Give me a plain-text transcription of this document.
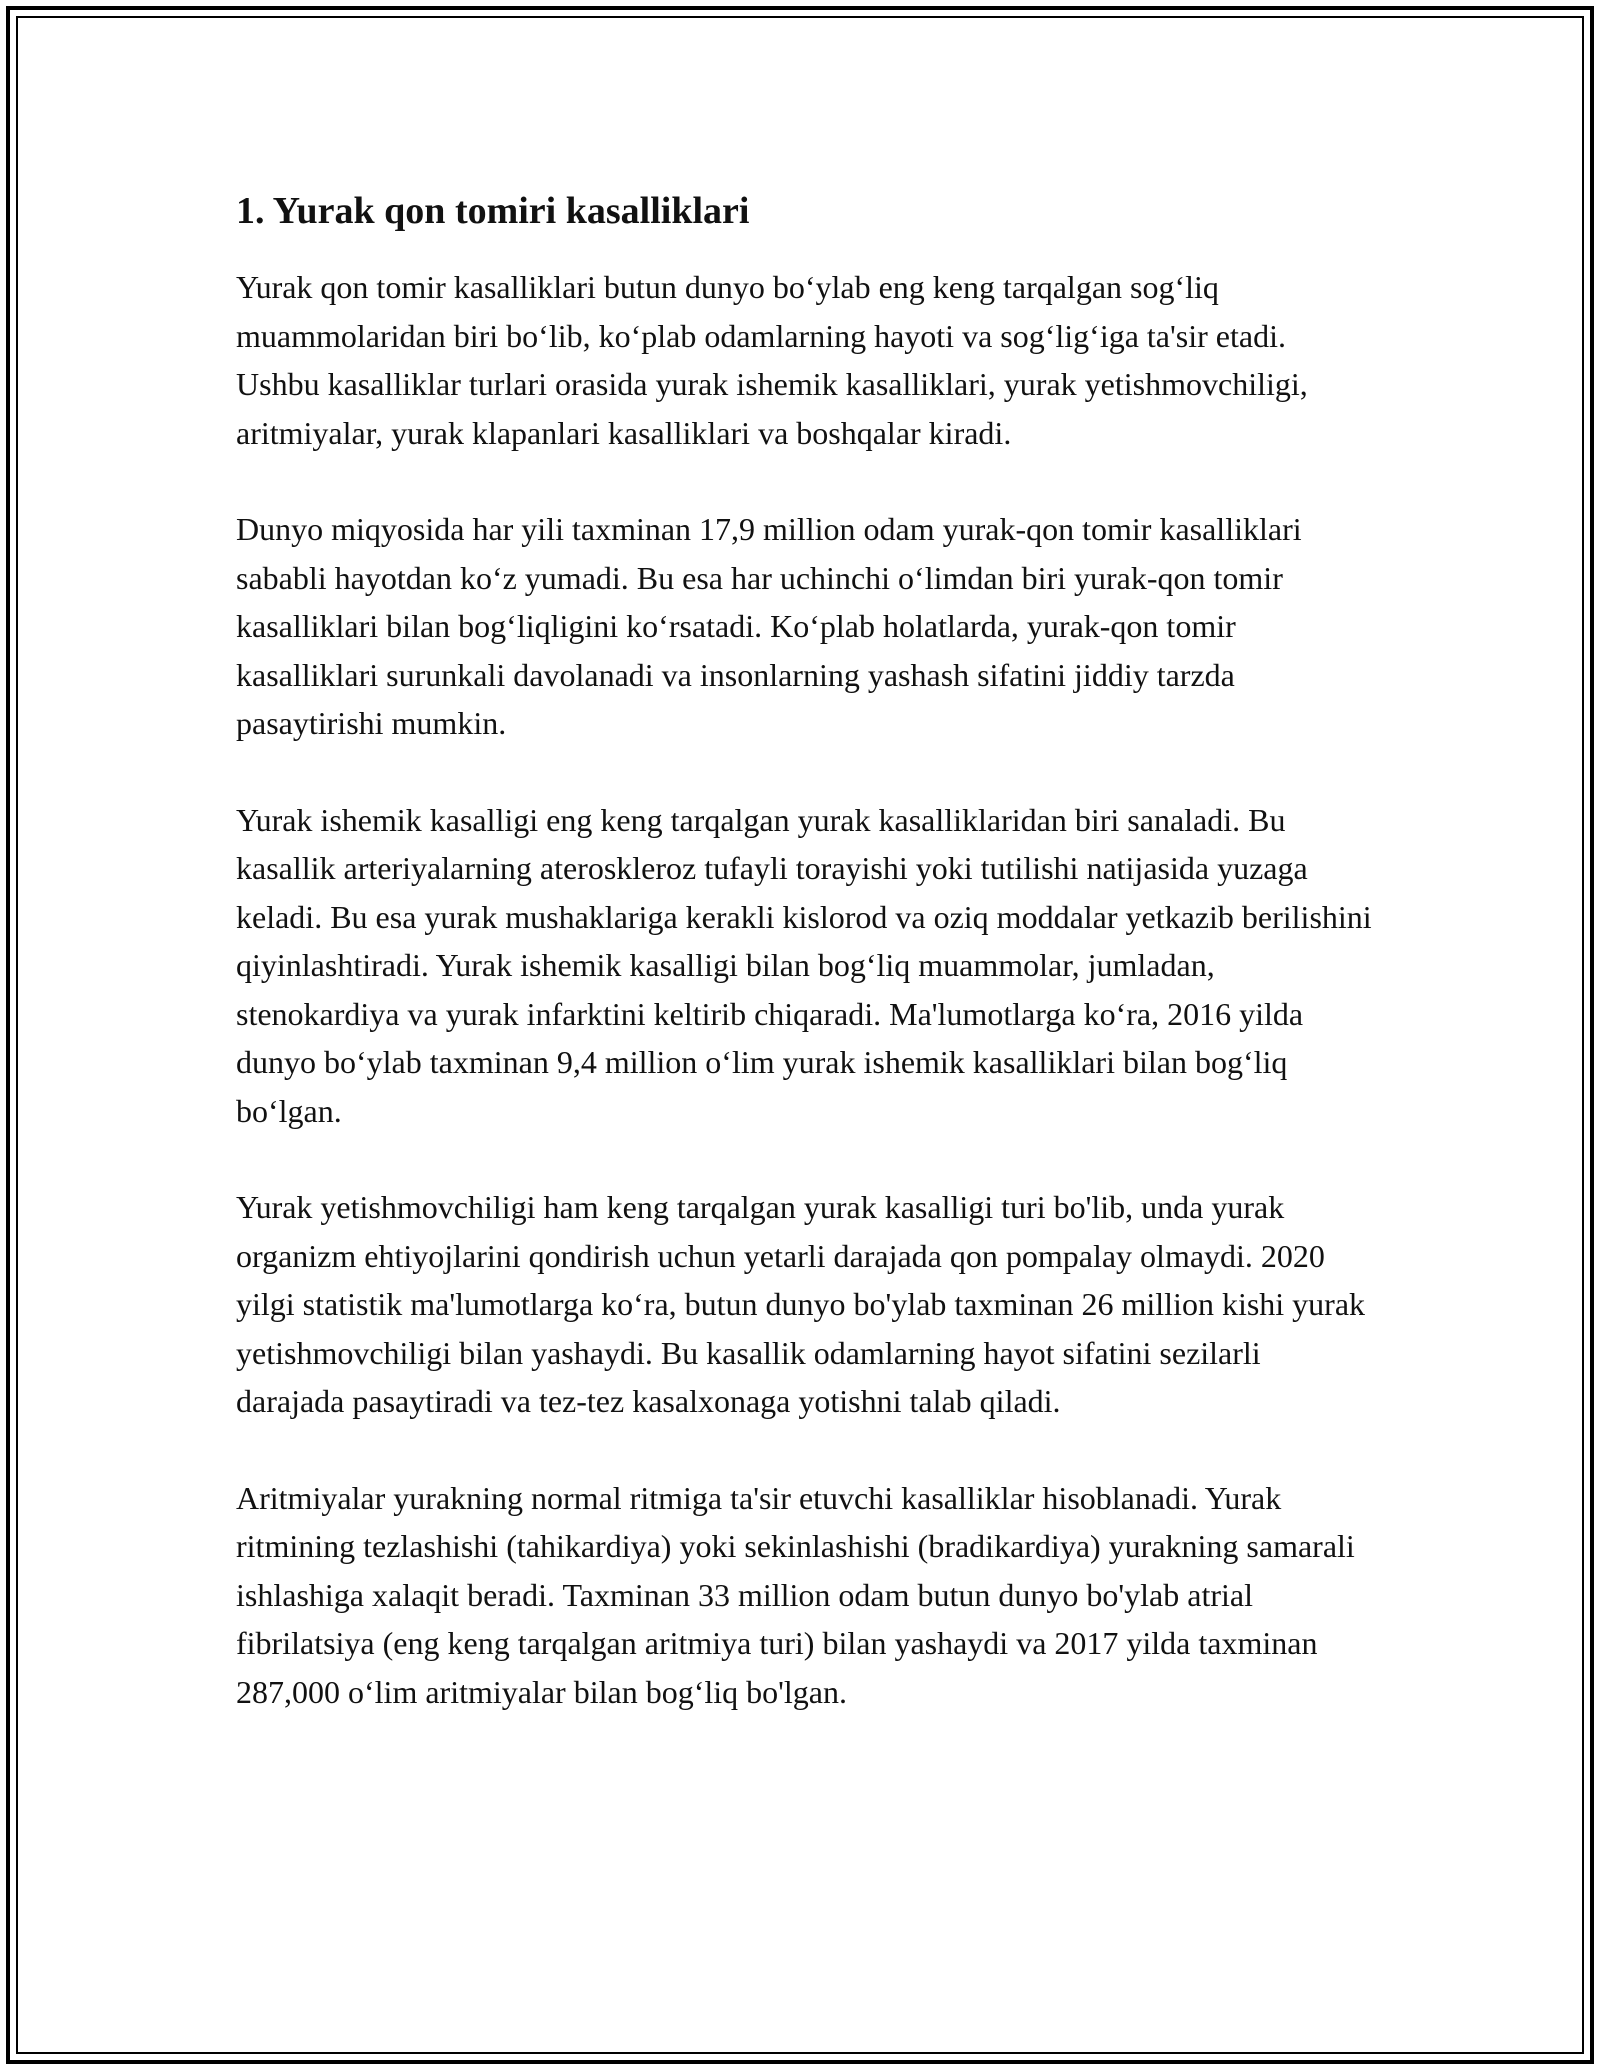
1. Yurak qon tomiri kasalliklari

Yurak qon tomir kasalliklari butun dunyo bo‘ylab eng keng tarqalgan sog‘liq muammolaridan biri bo‘lib, ko‘plab odamlarning hayoti va sog‘lig‘iga ta'sir etadi. Ushbu kasalliklar turlari orasida yurak ishemik kasalliklari, yurak yetishmovchiligi, aritmiyalar, yurak klapanlari kasalliklari va boshqalar kiradi.

Dunyo miqyosida har yili taxminan 17,9 million odam yurak-qon tomir kasalliklari sababli hayotdan ko‘z yumadi. Bu esa har uchinchi o‘limdan biri yurak-qon tomir kasalliklari bilan bog‘liqligini ko‘rsatadi. Ko‘plab holatlarda, yurak-qon tomir kasalliklari surunkali davolanadi va insonlarning yashash sifatini jiddiy tarzda pasaytirishi mumkin.

Yurak ishemik kasalligi eng keng tarqalgan yurak kasalliklaridan biri sanaladi. Bu kasallik arteriyalarning ateroskleroz tufayli torayishi yoki tutilishi natijasida yuzaga keladi. Bu esa yurak mushaklariga kerakli kislorod va oziq moddalar yetkazib berilishini qiyinlashtiradi. Yurak ishemik kasalligi bilan bog‘liq muammolar, jumladan, stenokardiya va yurak infarktini keltirib chiqaradi. Ma'lumotlarga ko‘ra, 2016 yilda dunyo bo‘ylab taxminan 9,4 million o‘lim yurak ishemik kasalliklari bilan bog‘liq bo‘lgan.

Yurak yetishmovchiligi ham keng tarqalgan yurak kasalligi turi bo'lib, unda yurak organizm ehtiyojlarini qondirish uchun yetarli darajada qon pompalay olmaydi. 2020 yilgi statistik ma'lumotlarga ko‘ra, butun dunyo bo'ylab taxminan 26 million kishi yurak yetishmovchiligi bilan yashaydi. Bu kasallik odamlarning hayot sifatini sezilarli darajada pasaytiradi va tez-tez kasalxonaga yotishni talab qiladi.

Aritmiyalar yurakning normal ritmiga ta'sir etuvchi kasalliklar hisoblanadi. Yurak ritmining tezlashishi (tahikardiya) yoki sekinlashishi (bradikardiya) yurakning samarali ishlashiga xalaqit beradi. Taxminan 33 million odam butun dunyo bo'ylab atrial fibrilatsiya (eng keng tarqalgan aritmiya turi) bilan yashaydi va 2017 yilda taxminan 287,000 o‘lim aritmiyalar bilan bog‘liq bo'lgan.
